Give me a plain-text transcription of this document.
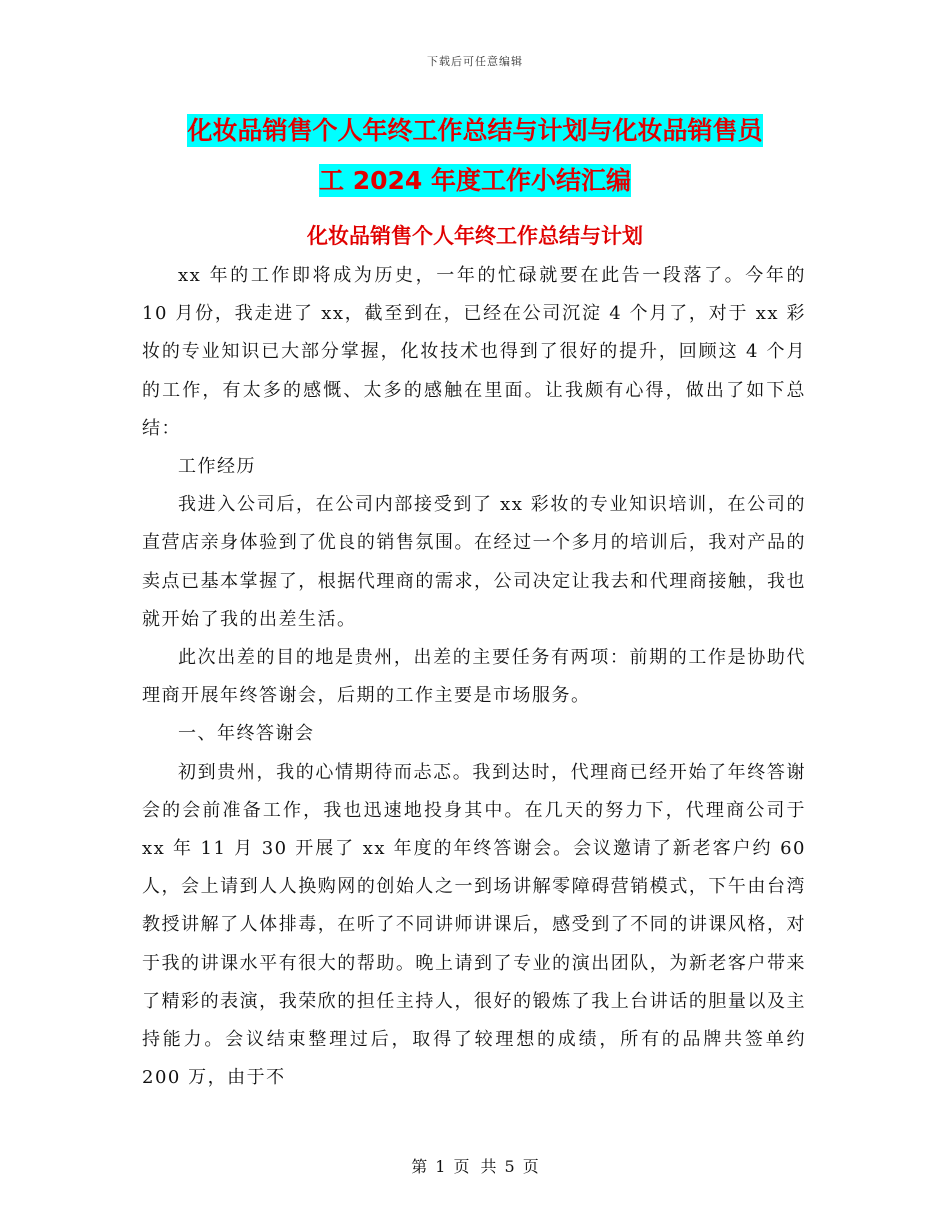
下载后可任意编辑
化妆品销售个人年终工作总结与计划与化妆品销售员
工 2024 年度工作小结汇编
化妆品销售个人年终工作总结与计划

xx 年的工作即将成为历史，一年的忙碌就要在此告一段落了。今年的 10 月份，我走进了 xx，截至到在，已经在公司沉淀 4 个月了，对于 xx 彩妆的专业知识已大部分掌握，化妆技术也得到了很好的提升，回顾这 4 个月的工作，有太多的感慨、太多的感触在里面。让我颇有心得，做出了如下总结：

工作经历

我进入公司后，在公司内部接受到了 xx 彩妆的专业知识培训，在公司的直营店亲身体验到了优良的销售氛围。在经过一个多月的培训后，我对产品的卖点已基本掌握了，根据代理商的需求，公司决定让我去和代理商接触，我也就开始了我的出差生活。

此次出差的目的地是贵州，出差的主要任务有两项：前期的工作是协助代理商开展年终答谢会，后期的工作主要是市场服务。

一、年终答谢会

初到贵州，我的心情期待而忐忑。我到达时，代理商已经开始了年终答谢会的会前准备工作，我也迅速地投身其中。在几天的努力下，代理商公司于 xx 年 11 月 30 开展了 xx 年度的年终答谢会。会议邀请了新老客户约 60 人，会上请到人人换购网的创始人之一到场讲解零障碍营销模式，下午由台湾教授讲解了人体排毒，在听了不同讲师讲课后，感受到了不同的讲课风格，对于我的讲课水平有很大的帮助。晚上请到了专业的演出团队，为新老客户带来了精彩的表演，我荣欣的担任主持人，很好的锻炼了我上台讲话的胆量以及主持能力。会议结束整理过后，取得了较理想的成绩，所有的品牌共签单约 200 万，由于不

第 1 页 共 5 页
